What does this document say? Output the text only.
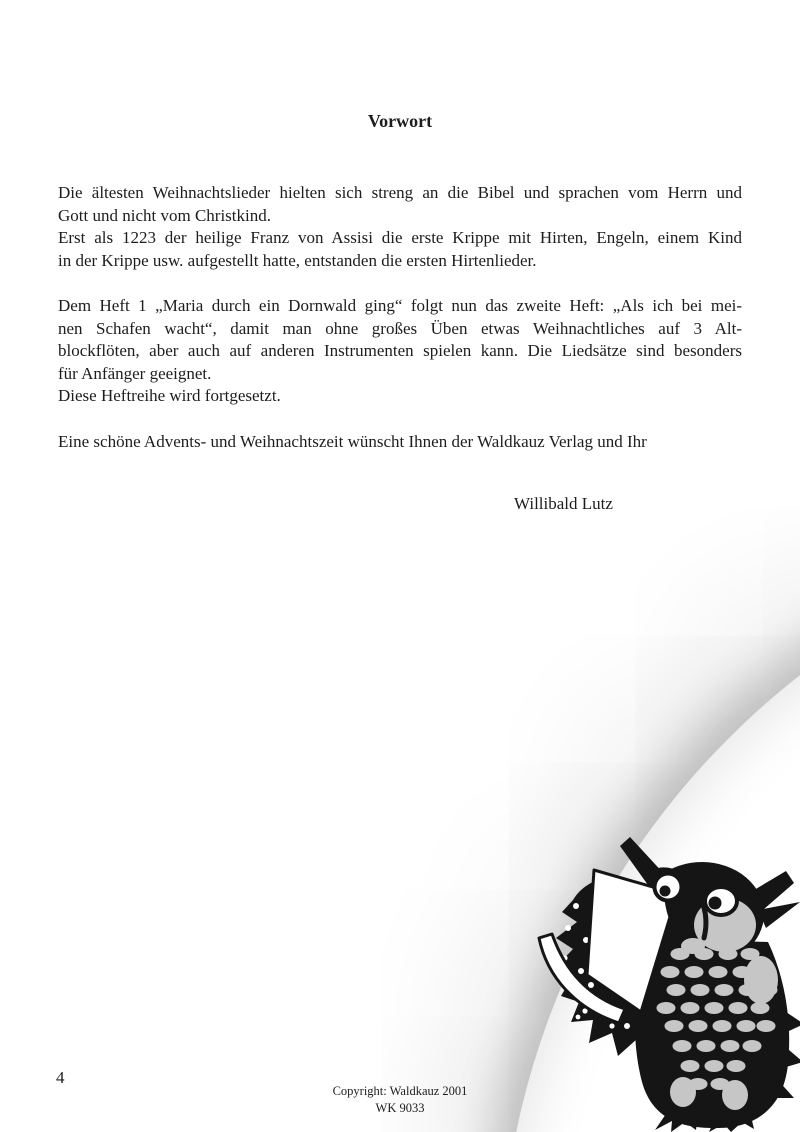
Vorwort
Die ältesten Weihnachtslieder hielten sich streng an die Bibel und sprachen vom Herrn und
Gott und nicht vom Christkind.
Erst als 1223 der heilige Franz von Assisi die erste Krippe mit Hirten, Engeln, einem Kind
in der Krippe usw. aufgestellt hatte, entstanden die ersten Hirtenlieder.
Dem Heft 1 „Maria durch ein Dornwald ging“ folgt nun das zweite Heft: „Als ich bei mei-
nen Schafen wacht“, damit man ohne großes Üben etwas Weihnachtliches auf 3 Alt-
blockflöten, aber auch auf anderen Instrumenten spielen kann. Die Liedsätze sind besonders
für Anfänger geeignet.
Diese Heftreihe wird fortgesetzt.
Eine schöne Advents- und Weihnachtszeit wünscht Ihnen der Waldkauz Verlag und Ihr
Willibald Lutz
4
Copyright: Waldkauz 2001
WK 9033
